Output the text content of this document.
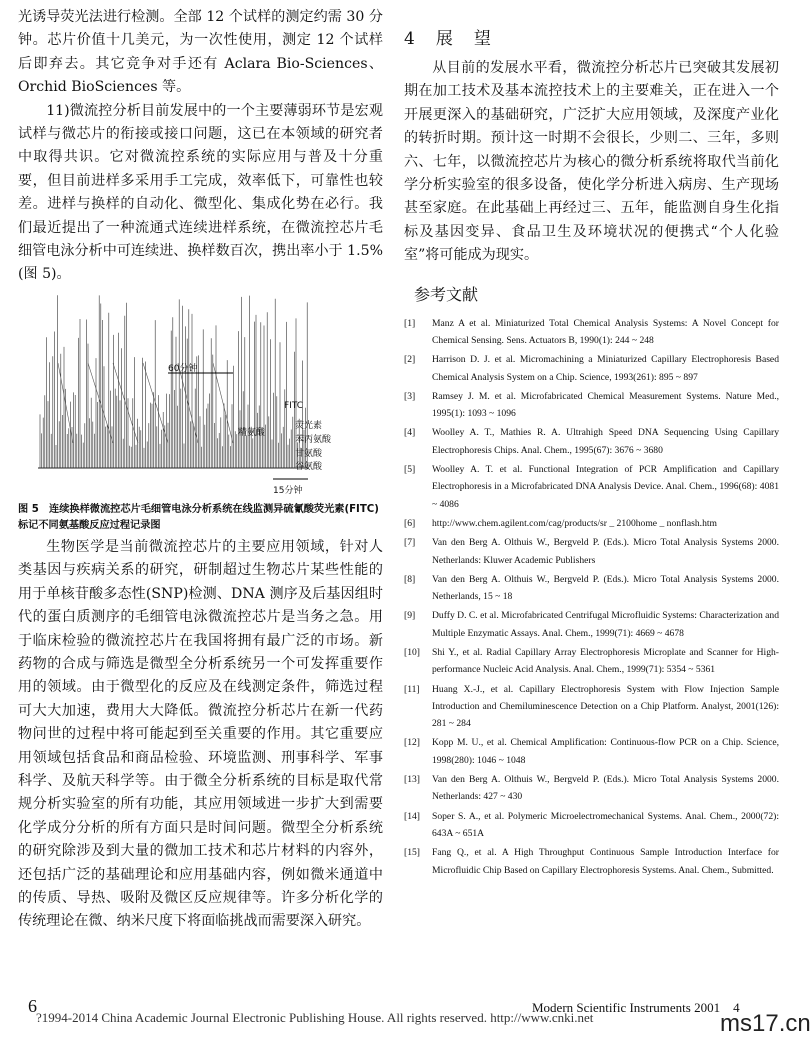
光诱导荧光法进行检测。全部 12 个试样的测定约需 30 分钟。芯片价值十几美元，为一次性使用，测定 12 个试样后即弃去。其它竞争对手还有 Aclara Bio-Sciences、Orchid BioSciences 等。

11)微流控分析目前发展中的一个主要薄弱环节是宏观试样与微芯片的衔接或接口问题，这已在本领域的研究者中取得共识。它对微流控系统的实际应用与普及十分重要，但目前进样多采用手工完成，效率低下，可靠性也较差。进样与换样的自动化、微型化、集成化势在必行。我们最近提出了一种流通式连续进样系统，在微流控芯片毛细管电泳分析中可连续进、换样数百次，携出率小于 1.5%(图 5)。

60分钟
FITC
荧光素
苯丙氨酸
甘氨酸
精氨酸
谷氨酸
15分钟

图 5　连续换样微流控芯片毛细管电泳分析系统在线监测异硫氰酸荧光素(FITC)标记不同氨基酸反应过程记录图

生物医学是当前微流控芯片的主要应用领域，针对人类基因与疾病关系的研究，研制超过生物芯片某些性能的用于单核苷酸多态性(SNP)检测、DNA 测序及后基因组时代的蛋白质测序的毛细管电泳微流控芯片是当务之急。用于临床检验的微流控芯片在我国将拥有最广泛的市场。新药物的合成与筛选是微型全分析系统另一个可发挥重要作用的领域。由于微型化的反应及在线测定条件，筛选过程可大大加速，费用大大降低。微流控分析芯片在新一代药物问世的过程中将可能起到至关重要的作用。其它重要应用领域包括食品和商品检验、环境监测、刑事科学、军事科学、及航天科学等。由于微全分析系统的目标是取代常规分析实验室的所有功能，其应用领域进一步扩大到需要化学成分分析的所有方面只是时间问题。微型全分析系统的研究除涉及到大量的微加工技术和芯片材料的内容外，还包括广泛的基础理论和应用基础内容，例如微米通道中的传质、导热、吸附及微区反应规律等。许多分析化学的传统理论在微、纳米尺度下将面临挑战而需要深入研究。

4　展　望

从目前的发展水平看，微流控分析芯片已突破其发展初期在加工技术及基本流控技术上的主要难关，正在进入一个开展更深入的基础研究，广泛扩大应用领域，及深度产业化的转折时期。预计这一时期不会很长，少则二、三年，多则六、七年，以微流控芯片为核心的微分析系统将取代当前化学分析实验室的很多设备，使化学分析进入病房、生产现场甚至家庭。在此基础上再经过三、五年，能监测自身生化指标及基因变异、食品卫生及环境状况的便携式“个人化验室”将可能成为现实。

参考文献
[1]	Manz A et al. Miniaturized Total Chemical Analysis Systems: A Novel Concept for Chemical Sensing. Sens. Actuators B, 1990(1): 244 ~ 248
[2]	Harrison D. J. et al. Micromachining a Miniaturized Capillary Electrophoresis Based Chemical Analysis System on a Chip. Science, 1993(261): 895 ~ 897
[3]	Ramsey J. M. et al. Microfabricated Chemical Measurement Systems. Nature Med., 1995(1): 1093 ~ 1096
[4]	Woolley A. T., Mathies R. A. Ultrahigh Speed DNA Sequencing Using Capillary Electrophoresis Chips. Anal. Chem., 1995(67): 3676 ~ 3680
[5]	Woolley A. T. et al. Functional Integration of PCR Amplification and Capillary Electrophoresis in a Microfabricated DNA Analysis Device. Anal. Chem., 1996(68): 4081 ~ 4086
[6]	http://www.chem.agilent.com/cag/products/sr _ 2100home _ nonflash.htm
[7]	Van den Berg A. Olthuis W., Bergveld P. (Eds.). Micro Total Analysis Systems 2000. Netherlands: Kluwer Academic Publishers
[8]	Van den Berg A. Olthuis W., Bergveld P. (Eds.). Micro Total Analysis Systems 2000. Netherlands, 15 ~ 18
[9]	Duffy D. C. et al. Microfabricated Centrifugal Microfluidic Systems: Characterization and Multiple Enzymatic Assays. Anal. Chem., 1999(71): 4669 ~ 4678
[10]	Shi Y., et al. Radial Capillary Array Electrophoresis Microplate and Scanner for High-performance Nucleic Acid Analysis. Anal. Chem., 1999(71): 5354 ~ 5361
[11]	Huang X.-J., et al. Capillary Electrophoresis System with Flow Injection Sample Introduction and Chemiluminescence Detection on a Chip Platform. Analyst, 2001(126): 281 ~ 284
[12]	Kopp M. U., et al. Chemical Amplification: Continuous-flow PCR on a Chip. Science, 1998(280): 1046 ~ 1048
[13]	Van den Berg A. Olthuis W., Bergveld P. (Eds.). Micro Total Analysis Systems 2000. Netherlands: 427 ~ 430
[14]	Soper S. A., et al. Polymeric Microelectromechanical Systems. Anal. Chem., 2000(72): 643A ~ 651A
[15]	Fang Q., et al. A High Throughput Continuous Sample Introduction Interface for Microfluidic Chip Based on Capillary Electrophoresis Systems. Anal. Chem., Submitted.
6	Modern Scientific Instruments 2001　4
?1994-2014 China Academic Journal Electronic Publishing House. All rights reserved. http://www.cnki.net	ms17.cn
